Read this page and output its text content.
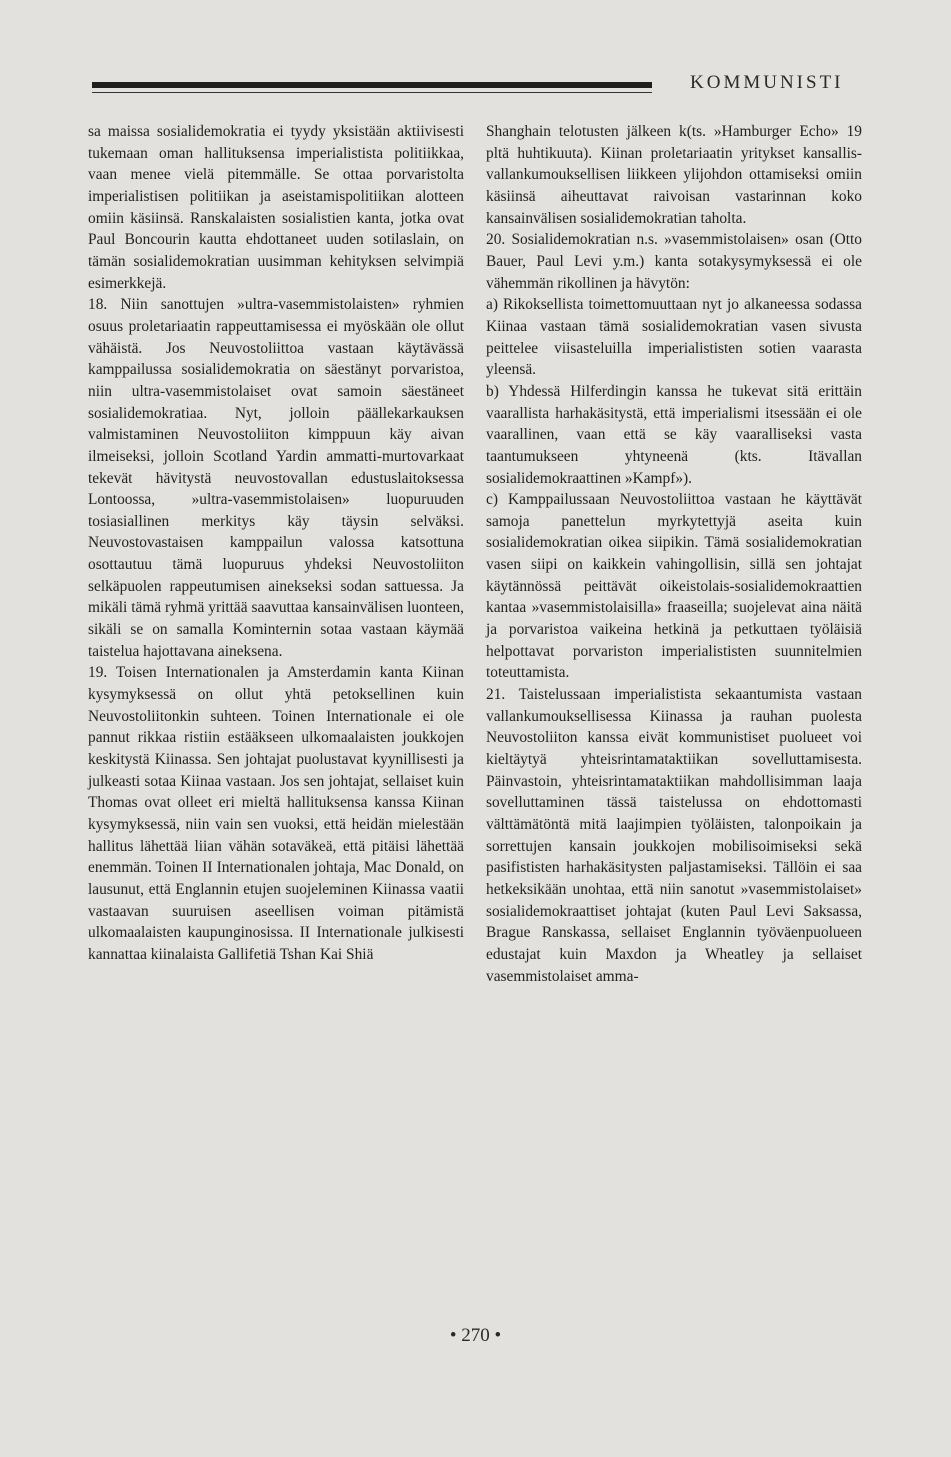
KOMMUNISTI

sa maissa sosialidemokratia ei tyydy yksistään aktiivisesti tukemaan oman hallituksensa imperialistista politiikkaa, vaan menee vielä pitemmälle. Se ottaa porvaristolta imperialistisen politiikan ja aseistamispolitiikan alotteen omiin käsiinsä. Ranskalaisten sosialistien kanta, jotka ovat Paul Boncourin kautta ehdottaneet uuden sotilaslain, on tämän sosialidemokratian uusimman kehityksen selvimpiä esimerkkejä.

18. Niin sanottujen »ultra-vasemmistolaisten» ryhmien osuus proletariaatin rappeuttamisessa ei myöskään ole ollut vähäistä. Jos Neuvostoliittoa vastaan käytävässä kamppailussa sosialidemokratia on säestänyt porvaristoa, niin ultra-vasemmistolaiset ovat samoin säestäneet sosialidemokratiaa. Nyt, jolloin päällekarkauksen valmistaminen Neuvostoliiton kimppuun käy aivan ilmeiseksi, jolloin Scotland Yardin ammatti-murtovarkaat tekevät hävitystä neuvostovallan edustuslaitoksessa Lontoossa, »ultra-vasemmistolaisen» luopuruuden tosiasiallinen merkitys käy täysin selväksi. Neuvostovastaisen kamppailun valossa katsottuna osottautuu tämä luopuruus yhdeksi Neuvostoliiton selkäpuolen rappeutumisen ainekseksi sodan sattuessa. Ja mikäli tämä ryhmä yrittää saavuttaa kansainvälisen luonteen, sikäli se on samalla Kominternin sotaa vastaan käymää taistelua hajottavana aineksena.

19. Toisen Internationalen ja Amsterdamin kanta Kiinan kysymyksessä on ollut yhtä petoksellinen kuin Neuvostoliitonkin suhteen. Toinen Internationale ei ole pannut rikkaa ristiin estääkseen ulkomaalaisten joukkojen keskitystä Kiinassa. Sen johtajat puolustavat kyynillisesti ja julkeasti sotaa Kiinaa vastaan. Jos sen johtajat, sellaiset kuin Thomas ovat olleet eri mieltä hallituksensa kanssa Kiinan kysymyksessä, niin vain sen vuoksi, että heidän mielestään hallitus lähettää liian vähän sotaväkeä, että pitäisi lähettää enemmän. Toinen II Internationalen johtaja, Mac Donald, on lausunut, että Englannin etujen suojeleminen Kiinassa vaatii vastaavan suuruisen aseellisen voiman pitämistä ulkomaalaisten kaupunginosissa. II Internationale julkisesti kannattaa kiinalaista Gallifetiä Tshan Kai Shiä

Shanghain telotusten jälkeen k(ts. »Hamburger Echo» 19 pltä huhtikuuta). Kiinan proletariaatin yritykset kansallis-vallankumouksellisen liikkeen ylijohdon ottamiseksi omiin käsiinsä aiheuttavat raivoisan vastarinnan koko kansainvälisen sosialidemokratian taholta.

20. Sosialidemokratian n.s. »vasemmistolaisen» osan (Otto Bauer, Paul Levi y.m.) kanta sotakysymyksessä ei ole vähemmän rikollinen ja hävytön:

a) Rikoksellista toimettomuuttaan nyt jo alkaneessa sodassa Kiinaa vastaan tämä sosialidemokratian vasen sivusta peittelee viisasteluilla imperialististen sotien vaarasta yleensä.

b) Yhdessä Hilferdingin kanssa he tukevat sitä erittäin vaarallista harhakäsitystä, että imperialismi itsessään ei ole vaarallinen, vaan että se käy vaaralliseksi vasta taantumukseen yhtyneenä (kts. Itävallan sosialidemokraattinen »Kampf»).

c) Kamppailussaan Neuvostoliittoa vastaan he käyttävät samoja panettelun myrkytettyjä aseita kuin sosialidemokratian oikea siipikin. Tämä sosialidemokratian vasen siipi on kaikkein vahingollisin, sillä sen johtajat käytännössä peittävät oikeistolais-sosialidemokraattien kantaa »vasemmistolaisilla» fraaseilla; suojelevat aina näitä ja porvaristoa vaikeina hetkinä ja petkuttaen työläisiä helpottavat porvariston imperialististen suunnitelmien toteuttamista.

21. Taistelussaan imperialistista sekaantumista vastaan vallankumouksellisessa Kiinassa ja rauhan puolesta Neuvostoliiton kanssa eivät kommunistiset puolueet voi kieltäytyä yhteisrintamataktiikan sovelluttamisesta. Päinvastoin, yhteisrintamataktiikan mahdollisimman laaja sovelluttaminen tässä taistelussa on ehdottomasti välttämätöntä mitä laajimpien työläisten, talonpoikain ja sorrettujen kansain joukkojen mobilisoimiseksi sekä pasifististen harhakäsitysten paljastamiseksi. Tällöin ei saa hetkeksikään unohtaa, että niin sanotut »vasemmistolaiset» sosialidemokraattiset johtajat (kuten Paul Levi Saksassa, Brague Ranskassa, sellaiset Englannin työväenpuolueen edustajat kuin Maxdon ja Wheatley ja sellaiset vasemmistolaiset amma-

• 270 •
